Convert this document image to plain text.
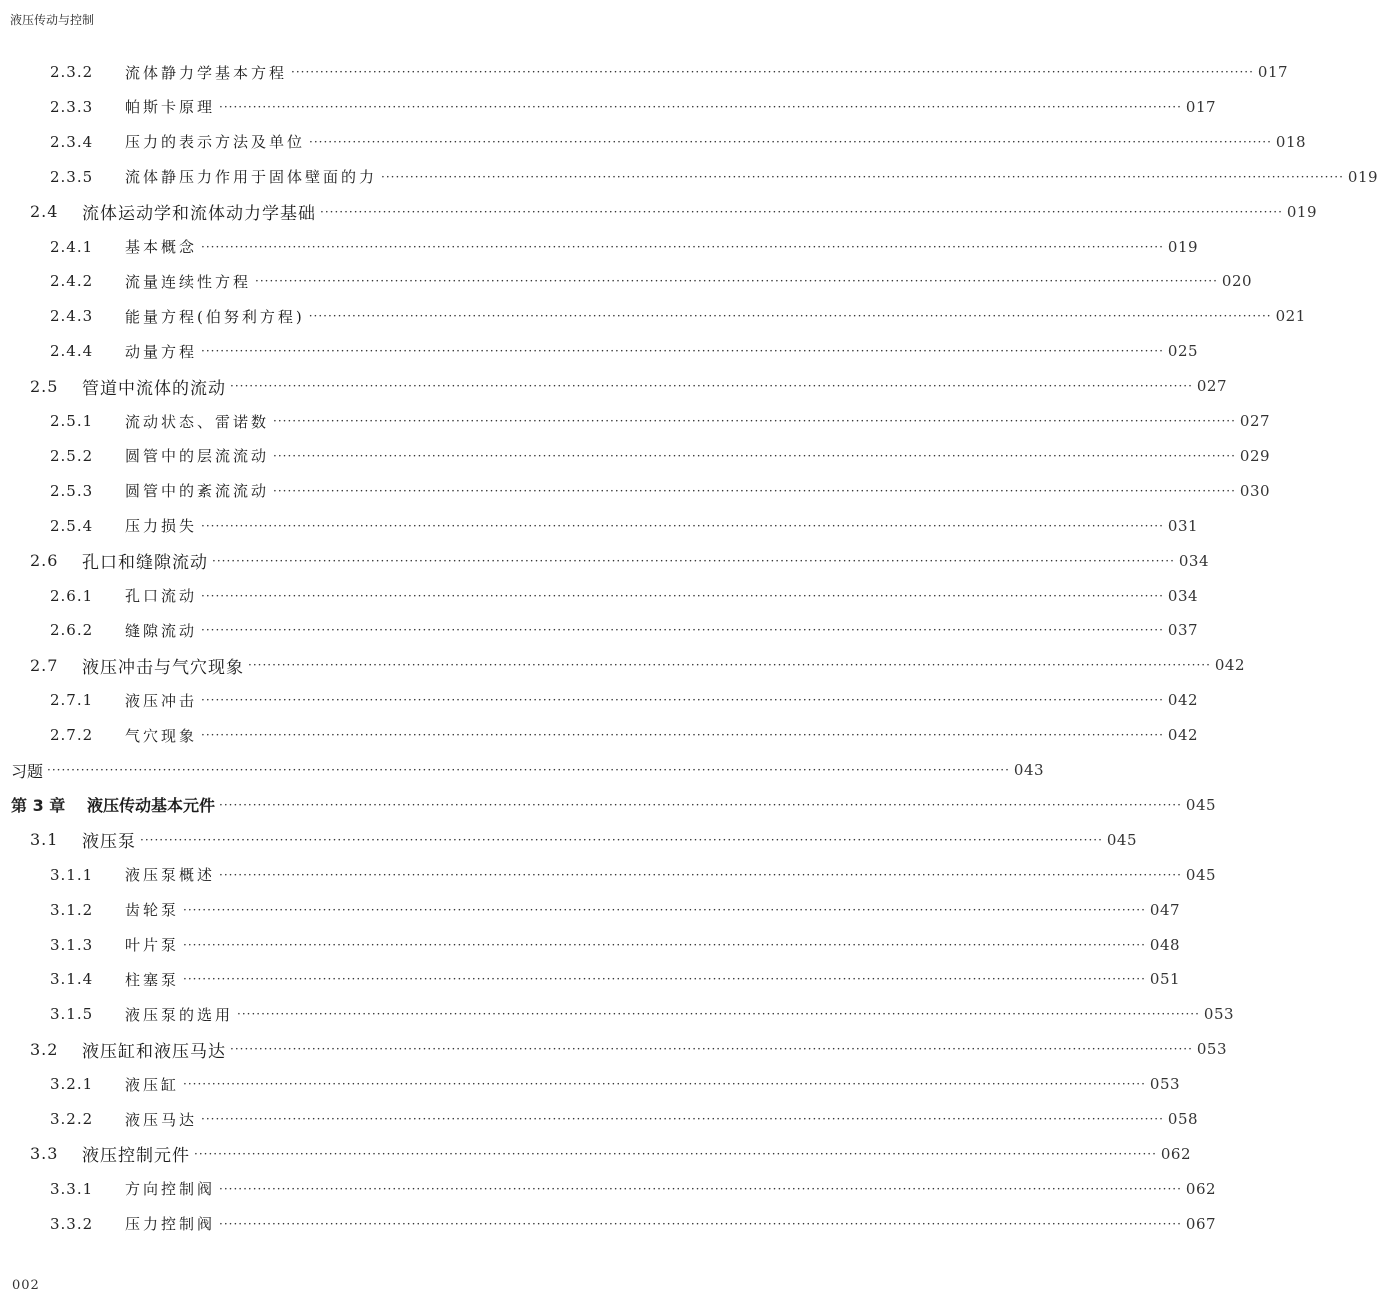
液压传动与控制
2.3.2	流体静力学基本方程 ········································································································································································································ 017
2.3.3	帕斯卡原理 ········································································································································································································ 017
2.3.4	压力的表示方法及单位 ········································································································································································································ 018
2.3.5	流体静压力作用于固体壁面的力 ········································································································································································································ 019
2.4	流体运动学和流体动力学基础 ········································································································································································································ 019
2.4.1	基本概念 ········································································································································································································ 019
2.4.2	流量连续性方程 ········································································································································································································ 020
2.4.3	能量方程(伯努利方程) ········································································································································································································ 021
2.4.4	动量方程 ········································································································································································································ 025
2.5	管道中流体的流动 ········································································································································································································ 027
2.5.1	流动状态、雷诺数 ········································································································································································································ 027
2.5.2	圆管中的层流流动 ········································································································································································································ 029
2.5.3	圆管中的紊流流动 ········································································································································································································ 030
2.5.4	压力损失 ········································································································································································································ 031
2.6	孔口和缝隙流动 ········································································································································································································ 034
2.6.1	孔口流动 ········································································································································································································ 034
2.6.2	缝隙流动 ········································································································································································································ 037
2.7	液压冲击与气穴现象 ········································································································································································································ 042
2.7.1	液压冲击 ········································································································································································································ 042
2.7.2	气穴现象 ········································································································································································································ 042
习题 ········································································································································································································ 043
第 3 章	液压传动基本元件 ········································································································································································································ 045
3.1	液压泵 ········································································································································································································ 045
3.1.1	液压泵概述 ········································································································································································································ 045
3.1.2	齿轮泵 ········································································································································································································ 047
3.1.3	叶片泵 ········································································································································································································ 048
3.1.4	柱塞泵 ········································································································································································································ 051
3.1.5	液压泵的选用 ········································································································································································································ 053
3.2	液压缸和液压马达 ········································································································································································································ 053
3.2.1	液压缸 ········································································································································································································ 053
3.2.2	液压马达 ········································································································································································································ 058
3.3	液压控制元件 ········································································································································································································ 062
3.3.1	方向控制阀 ········································································································································································································ 062
3.3.2	压力控制阀 ········································································································································································································ 067
002
